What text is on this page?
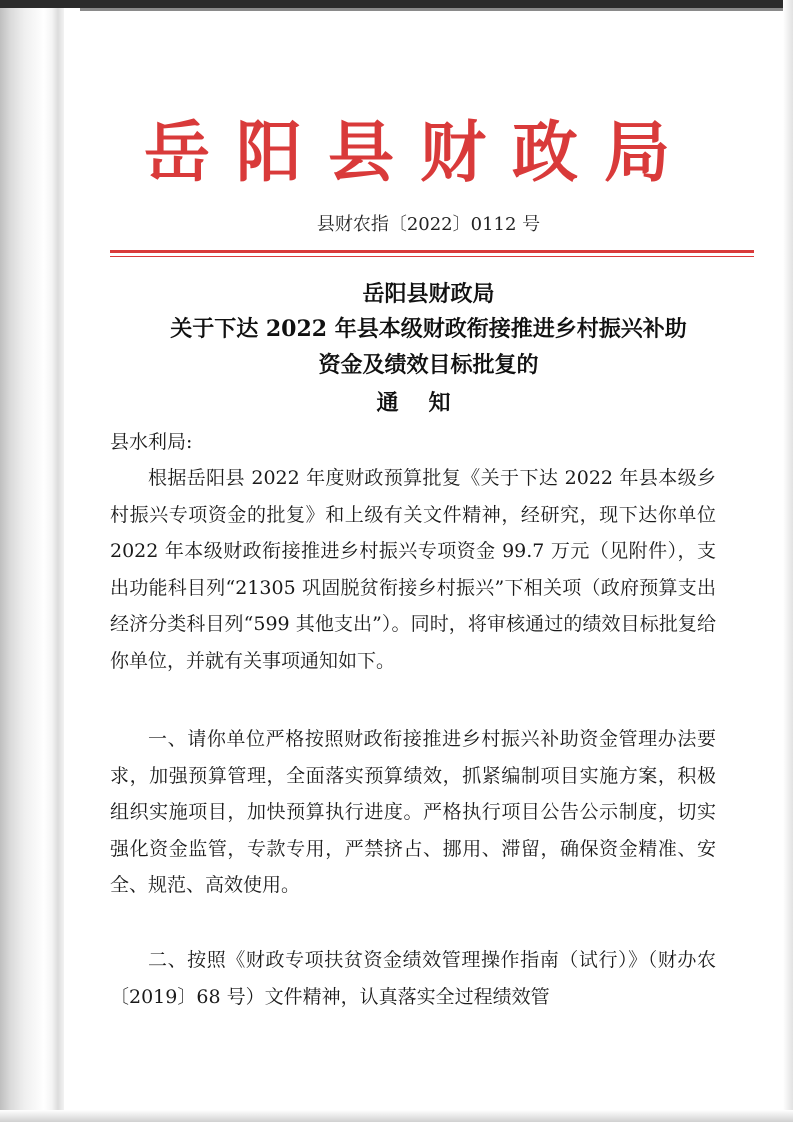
岳阳县财政局
县财农指〔2022〕0112 号
岳阳县财政局
关于下达 2022 年县本级财政衔接推进乡村振兴补助
资金及绩效目标批复的
通知
县水利局:

根据岳阳县 2022 年度财政预算批复《关于下达 2022 年县本级乡村振兴专项资金的批复》和上级有关文件精神，经研究，现下达你单位 2022 年本级财政衔接推进乡村振兴专项资金 99.7 万元（见附件），支出功能科目列“21305 巩固脱贫衔接乡村振兴”下相关项（政府预算支出经济分类科目列“599 其他支出”）。同时，将审核通过的绩效目标批复给你单位，并就有关事项通知如下。

一、请你单位严格按照财政衔接推进乡村振兴补助资金管理办法要求，加强预算管理，全面落实预算绩效，抓紧编制项目实施方案，积极组织实施项目，加快预算执行进度。严格执行项目公告公示制度，切实强化资金监管，专款专用，严禁挤占、挪用、滞留，确保资金精准、安全、规范、高效使用。

二、按照《财政专项扶贫资金绩效管理操作指南（试行）》（财办农〔2019〕68 号）文件精神，认真落实全过程绩效管
